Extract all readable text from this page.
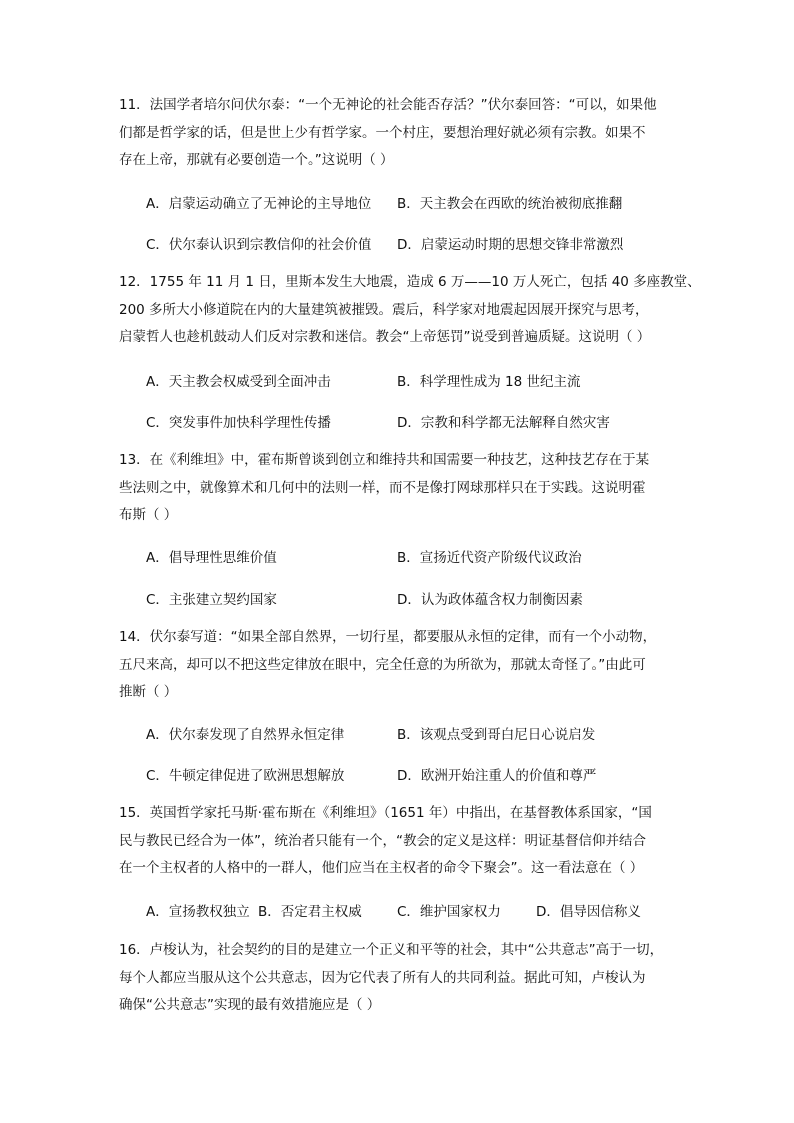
11．法国学者培尔问伏尔泰：“一个无神论的社会能否存活？”伏尔泰回答：“可以，如果他
们都是哲学家的话，但是世上少有哲学家。一个村庄，要想治理好就必须有宗教。如果不
存在上帝，那就有必要创造一个。”这说明（ ）
A．启蒙运动确立了无神论的主导地位 B．天主教会在西欧的统治被彻底推翻
C．伏尔泰认识到宗教信仰的社会价值 D．启蒙运动时期的思想交锋非常激烈
12．1755 年 11 月 1 日，里斯本发生大地震，造成 6 万——10 万人死亡，包括 40 多座教堂、
200 多所大小修道院在内的大量建筑被摧毁。震后，科学家对地震起因展开探究与思考，
启蒙哲人也趁机鼓动人们反对宗教和迷信。教会“上帝惩罚”说受到普遍质疑。这说明（ ）
A．天主教会权威受到全面冲击	B．科学理性成为 18 世纪主流
C．突发事件加快科学理性传播	D．宗教和科学都无法解释自然灾害
13．在《利维坦》中，霍布斯曾谈到创立和维持共和国需要一种技艺，这种技艺存在于某
些法则之中，就像算术和几何中的法则一样，而不是像打网球那样只在于实践。这说明霍
布斯（ ）
A．倡导理性思维价值	B．宣扬近代资产阶级代议政治
C．主张建立契约国家	D．认为政体蕴含权力制衡因素
14．伏尔泰写道：“如果全部自然界，一切行星，都要服从永恒的定律，而有一个小动物，
五尺来高，却可以不把这些定律放在眼中，完全任意的为所欲为，那就太奇怪了。”由此可
推断（ ）
A．伏尔泰发现了自然界永恒定律	B．该观点受到哥白尼日心说启发
C．牛顿定律促进了欧洲思想解放	D．欧洲开始注重人的价值和尊严
15．英国哲学家托马斯·霍布斯在《利维坦》（1651 年）中指出，在基督教体系国家，“国
民与教民已经合为一体”，统治者只能有一个，“教会的定义是这样：明证基督信仰并结合
在一个主权者的人格中的一群人，他们应当在主权者的命令下聚会”。这一看法意在（ ）
A．宣扬教权独立 B．否定君主权威	C．维护国家权力	D．倡导因信称义
16．卢梭认为，社会契约的目的是建立一个正义和平等的社会，其中“公共意志”高于一切，
每个人都应当服从这个公共意志，因为它代表了所有人的共同利益。据此可知，卢梭认为
确保“公共意志”实现的最有效措施应是（ ）
